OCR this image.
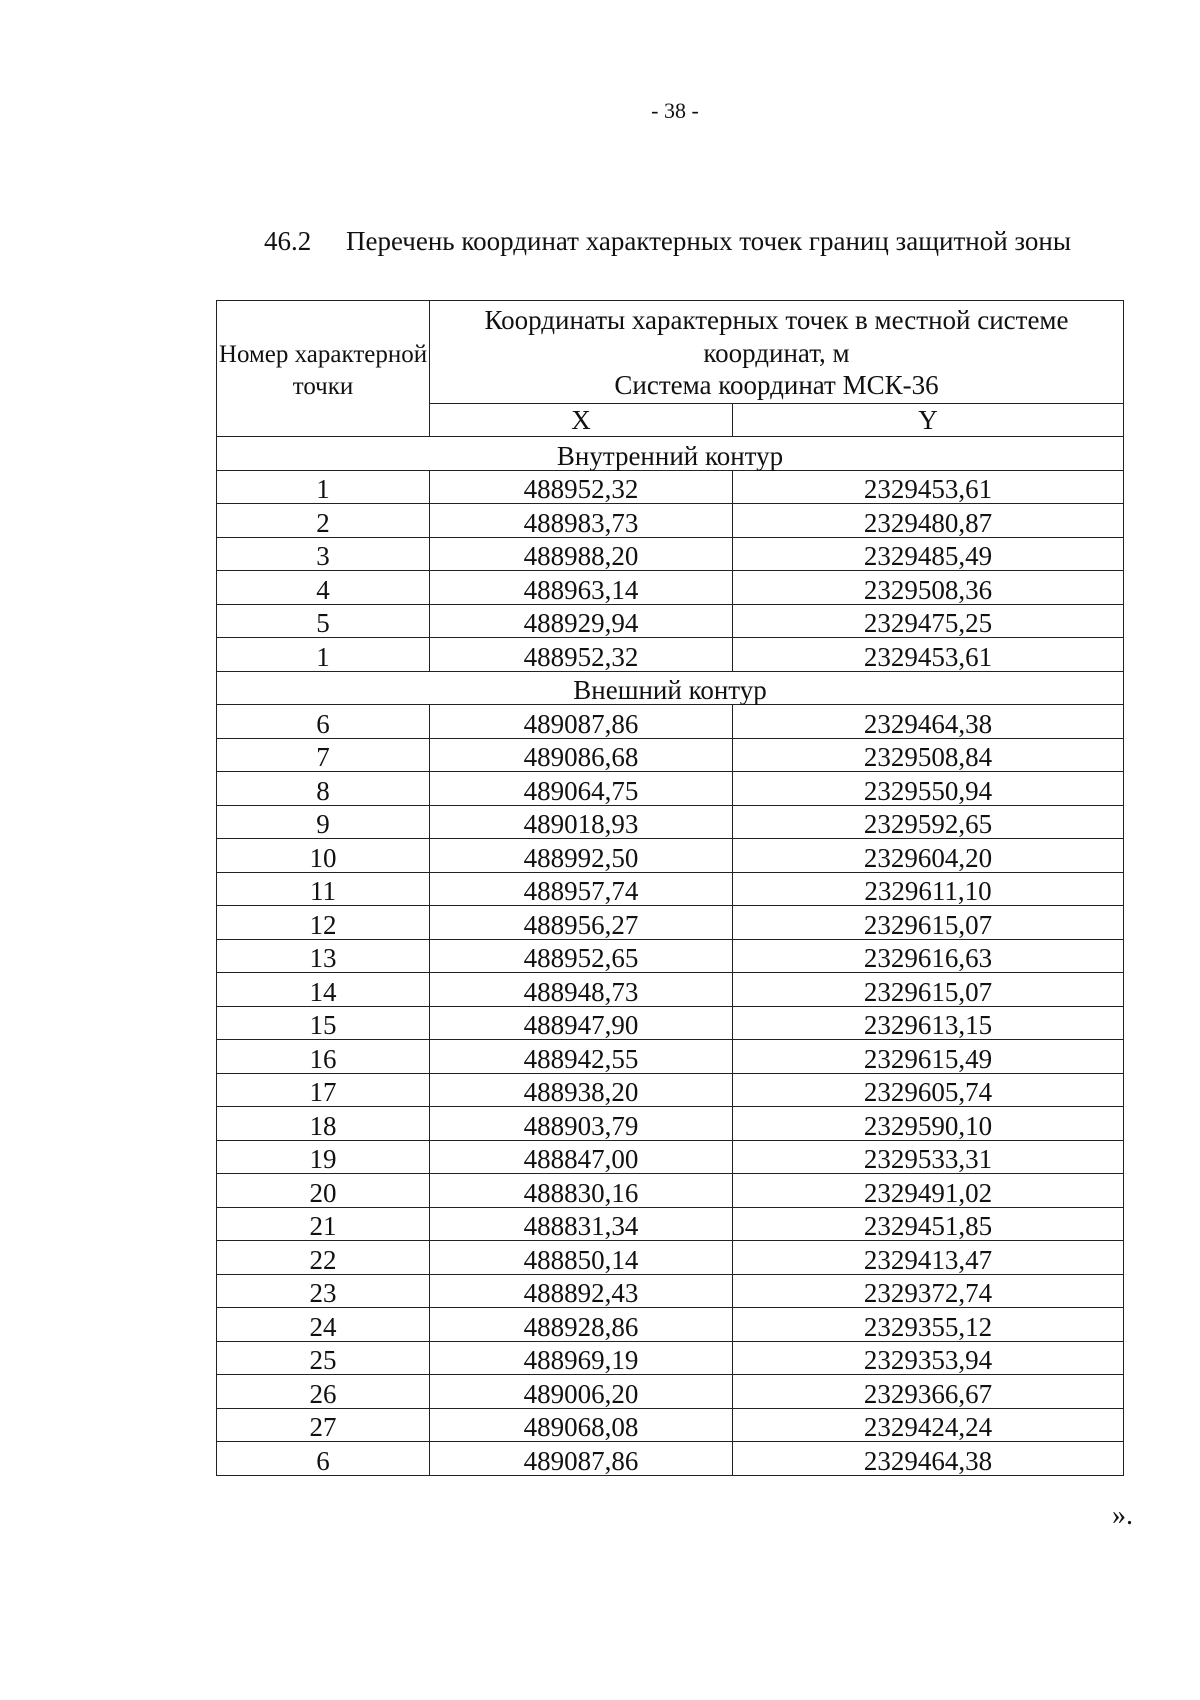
- 38 -
46.2 Перечень координат характерных точек границ защитной зоны
Номер характерной точки	Координаты характерных точек в местной системе координат, м
Система координат МСК-36	

	X	Y
Внутренний контур		
1	488952,32	2329453,61
2	488983,73	2329480,87
3	488988,20	2329485,49
4	488963,14	2329508,36
5	488929,94	2329475,25
1	488952,32	2329453,61
Внешний контур		
6	489087,86	2329464,38
7	489086,68	2329508,84
8	489064,75	2329550,94
9	489018,93	2329592,65
10	488992,50	2329604,20
11	488957,74	2329611,10
12	488956,27	2329615,07
13	488952,65	2329616,63
14	488948,73	2329615,07
15	488947,90	2329613,15
16	488942,55	2329615,49
17	488938,20	2329605,74
18	488903,79	2329590,10
19	488847,00	2329533,31
20	488830,16	2329491,02
21	488831,34	2329451,85
22	488850,14	2329413,47
23	488892,43	2329372,74
24	488928,86	2329355,12
25	488969,19	2329353,94
26	489006,20	2329366,67
27	489068,08	2329424,24
6	489087,86	2329464,38
».
